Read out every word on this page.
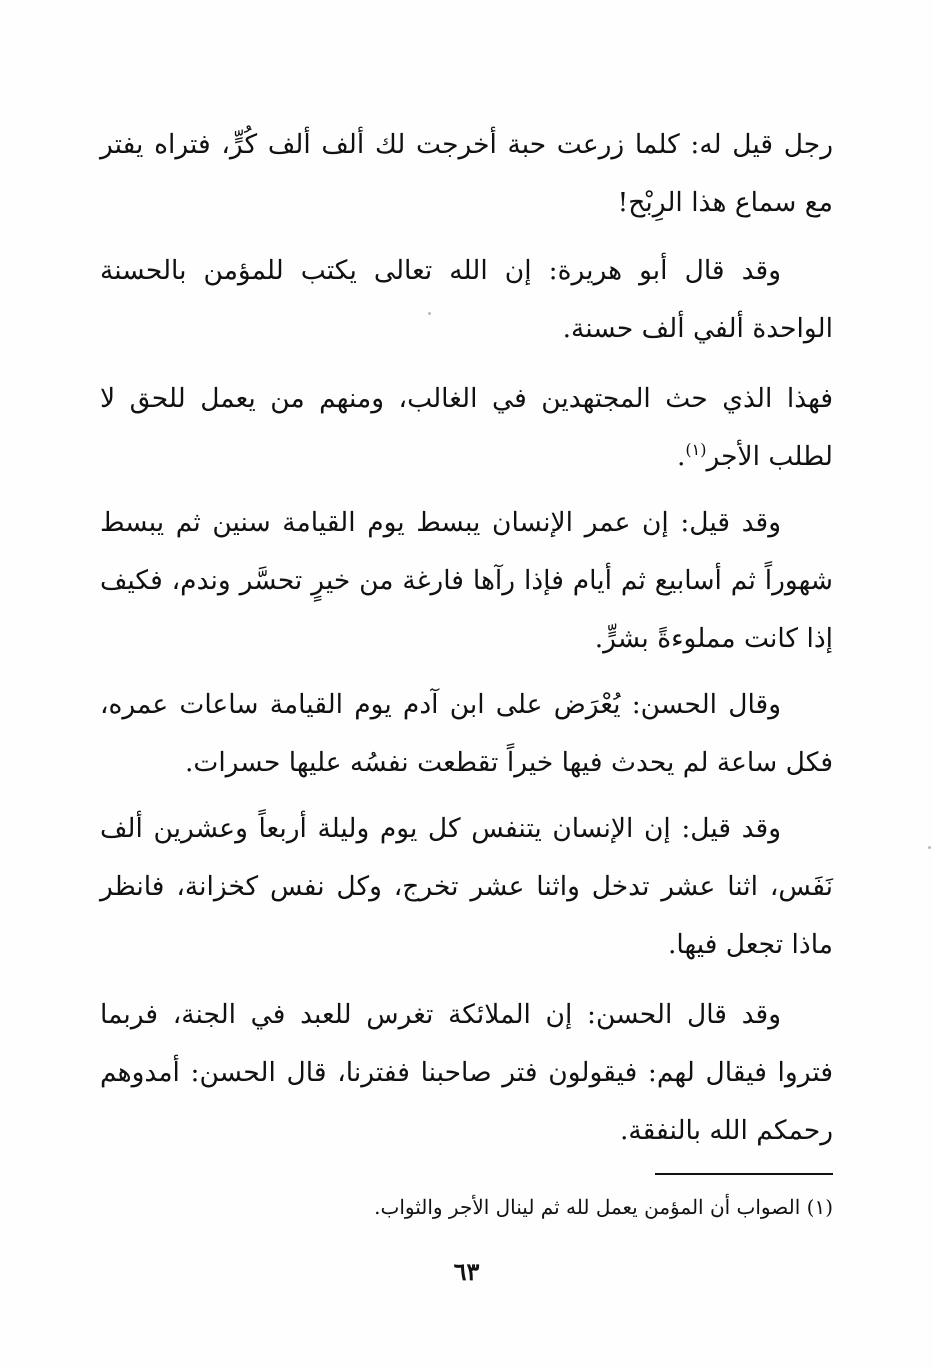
رجل قيل له: كلما زرعت حبة أخرجت لك ألف ألف كُرٍّ، فتراه يفتر مع سماع هذا الرِبْح!

وقد قال أبو هريرة: إن الله تعالى يكتب للمؤمن بالحسنة الواحدة ألفي ألف حسنة.

فهذا الذي حث المجتهدين في الغالب، ومنهم من يعمل للحق لا لطلب الأجر$^{(١)}$.

وقد قيل: إن عمر الإنسان يبسط يوم القيامة سنين ثم يبسط شهوراً ثم أسابيع ثم أيام فإذا رآها فارغة من خيرٍ تحسَّر وندم، فكيف إذا كانت مملوءةً بشرٍّ.

وقال الحسن: يُعْرَض على ابن آدم يوم القيامة ساعات عمره، فكل ساعة لم يحدث فيها خيراً تقطعت نفسُه عليها حسرات.

وقد قيل: إن الإنسان يتنفس كل يوم وليلة أربعاً وعشرين ألف نَفَس، اثنا عشر تدخل واثنا عشر تخرج، وكل نفس كخزانة، فانظر ماذا تجعل فيها.

وقد قال الحسن: إن الملائكة تغرس للعبد في الجنة، فربما فتروا فيقال لهم: فيقولون فتر صاحبنا ففترنا، قال الحسن: أمدوهم رحمكم الله بالنفقة.

(١) الصواب أن المؤمن يعمل لله ثم لينال الأجر والثواب.
٦٣
